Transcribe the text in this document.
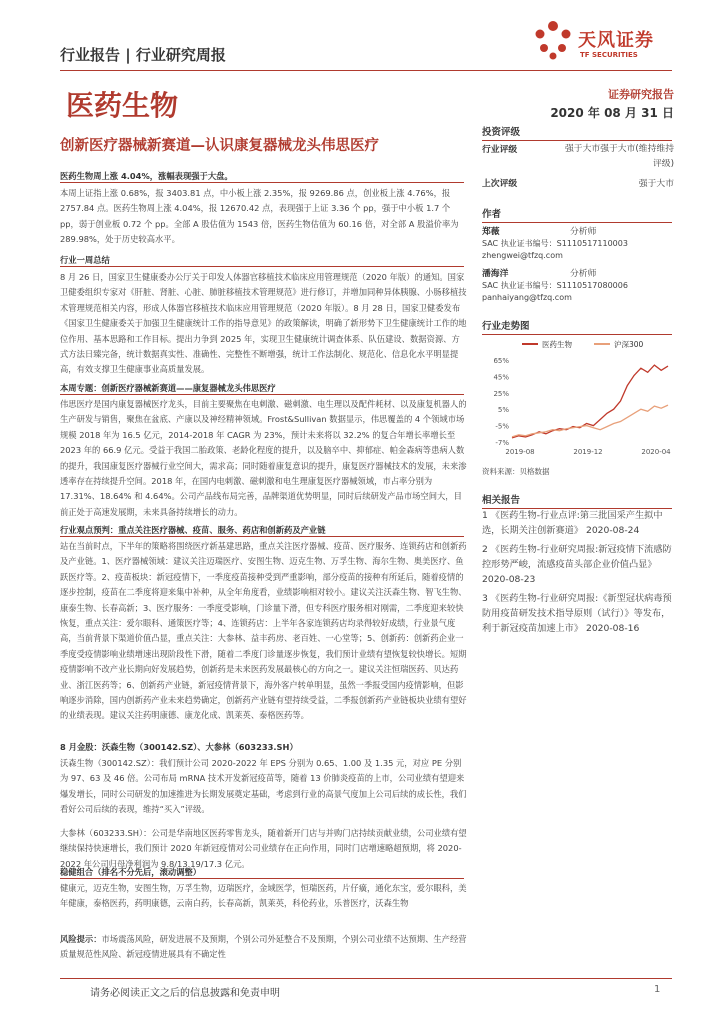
行业报告 | 行业研究周报
天风证券
TF SECURITIES
医药生物	证券研究报告
2020 年 08 月 31 日
创新医疗器械新赛道—认识康复器械龙头伟思医疗
医药生物周上涨 4.04%，涨幅表现强于大盘。
本周上证指上涨 0.68%，报 3403.81 点，中小板上涨 2.35%，报 9269.86 点，创业板上涨 4.76%，报 2757.84 点。医药生物周上涨 4.04%，报 12670.42 点，表现强于上证 3.36 个 pp，强于中小板 1.7 个 pp，弱于创业板 0.72 个 pp。全部 A 股估值为 1543 倍，医药生物估值为 60.16 倍，对全部 A 股溢价率为 289.98%，处于历史较高水平。
行业一周总结
8 月 26 日，国家卫生健康委办公厅关于印发人体器官移植技术临床应用管理规范（2020 年版）的通知。国家卫健委组织专家对《肝脏、肾脏、心脏、肺脏移植技术管理规范》进行修订，并增加同种异体胰腺、小肠移植技术管理规范相关内容，形成人体器官移植技术临床应用管理规范（2020 年版）。8 月 28 日，国家卫健委发布《国家卫生健康委关于加强卫生健康统计工作的指导意见》的政策解读，明确了新形势下卫生健康统计工作的地位作用、基本思路和工作目标。提出力争到 2025 年，实现卫生健康统计调查体系、队伍建设、数据资源、方式方法日臻完备，统计数据真实性、准确性、完整性不断增强，统计工作法制化、规范化、信息化水平明显提高，有效支撑卫生健康事业高质量发展。
本周专题：创新医疗器械新赛道——康复器械龙头伟思医疗
伟思医疗是国内康复器械医疗龙头，目前主要聚焦在电刺激、磁刺激、电生理以及配件耗材、以及康复机器人的生产研发与销售，聚焦在盆底、产康以及神经精神领域。Frost&Sullivan 数据显示，伟思覆盖的 4 个领域市场规模 2018 年为 16.5 亿元，2014-2018 年 CAGR 为 23%，预计未来将以 32.2% 的复合年增长率增长至 2023 年的 66.9 亿元。受益于我国二胎政策、老龄化程度的提升，以及脑卒中、抑郁症、帕金森病等患病人数的提升，我国康复医疗器械行业空间大，需求高；同时随着康复意识的提升，康复医疗器械技术的发展，未来渗透率存在持续提升空间。2018 年，在国内电刺激、磁刺激和电生理康复医疗器械领域，市占率分别为 17.31%、18.64% 和 4.64%。公司产品线布局完善，品牌渠道优势明显，同时后续研发产品市场空间大，目前正处于高速发展期，未来具备持续增长的动力。
行业观点预判：重点关注医疗器械、疫苗、服务、药店和创新药及产业链
站在当前时点，下半年的策略将围绕医疗新基建思路，重点关注医疗器械、疫苗、医疗服务、连锁药店和创新药及产业链。1、医疗器械领域：建议关注迈瑞医疗、安图生物、迈克生物、万孚生物、海尔生物、奥美医疗、鱼跃医疗等。2、疫苗板块：新冠疫情下，一季度疫苗接种受到严重影响，部分疫苗的接种有所延后，随着疫情的逐步控制，疫苗在二季度将迎来集中补种，从全年角度看，业绩影响相对较小。建议关注沃森生物、智飞生物、康泰生物、长春高新；3、医疗服务：一季度受影响，门诊量下滑，但专科医疗服务相对刚需，二季度迎来较快恢复，重点关注：爱尔眼科、通策医疗等；4、连锁药店：上半年各家连锁药店均录得较好成绩，行业景气度高，当前背景下渠道价值凸显，重点关注：大参林、益丰药房、老百姓、一心堂等；5、创新药：创新药企业一季度受疫情影响业绩增速出现阶段性下滑，随着二季度门诊量逐步恢复，我们预计业绩有望恢复较快增长。短期疫情影响不改产业长期向好发展趋势，创新药是未来医药发展最核心的方向之一。建议关注恒瑞医药、贝达药业、浙江医药等；6、创新药产业链，新冠疫情背景下，海外客户转单明显，虽然一季报受国内疫情影响，但影响逐步消除，国内创新药产业未来趋势确定，创新药产业链有望持续受益，二季报创新药产业链板块业绩有望好的业绩表现。建议关注药明康德、康龙化成、凯莱英、泰格医药等。
8 月金股：沃森生物（300142.SZ）、大参林（603233.SH）
沃森生物（300142.SZ）：我们预计公司 2020-2022 年 EPS 分别为 0.65、1.00 及 1.35 元，对应 PE 分别为 97、63 及 46 倍。公司布局 mRNA 技术开发新冠疫苗等，随着 13 价肺炎疫苗的上市，公司业绩有望迎来爆发增长，同时公司研发的加速推进为长期发展奠定基础，考虑到行业的高景气度加上公司后续的成长性，我们看好公司后续的表现，维持“买入”评级。
大参林（603233.SH）：公司是华南地区医药零售龙头，随着新开门店与并购门店持续贡献业绩，公司业绩有望继续保持快速增长，我们预计 2020 年新冠疫情对公司业绩存在正向作用，同时门店增速略超预期，将 2020-2022 年公司归母净利润为 9.8/13.19/17.3 亿元。
稳健组合（排名不分先后，滚动调整）
健康元，迈克生物，安图生物，万孚生物，迈瑞医疗，金域医学，恒瑞医药，片仔癀，通化东宝，爱尔眼科，美年健康，泰格医药，药明康德，云南白药，长春高新，凯莱英，科伦药业，乐普医疗，沃森生物
风险提示：市场震荡风险，研发进展不及预期，个别公司外延整合不及预期，个别公司业绩不达预期、生产经营质量规范性风险、新冠疫情进展具有不确定性
投资评级
行业评级	强于大市强于大市(维持维持评级)
上次评级	强于大市
作者
郑薇	分析师
SAC 执业证书编号：S1110517110003
zhengwei@tfzq.com
潘海洋	分析师
SAC 执业证书编号：S1110517080006
panhaiyang@tfzq.com
行业走势图
医药生物	沪深300
65%
45%
25%
5%
-5%
-7%
2019-08	2019-12	2020-04
资料来源：贝格数据
相关报告

1 《医药生物-行业点评:第三批国采产生拟中选，长期关注创新赛道》 2020-08-24

2 《医药生物-行业研究周报:新冠疫情下流感防控形势严峻，流感疫苗头部企业价值凸显》 2020-08-23

3 《医药生物-行业研究周报:《新型冠状病毒预防用疫苗研发技术指导原则（试行）》等发布，利于新冠疫苗加速上市》 2020-08-16

请务必阅读正文之后的信息披露和免责申明	1
